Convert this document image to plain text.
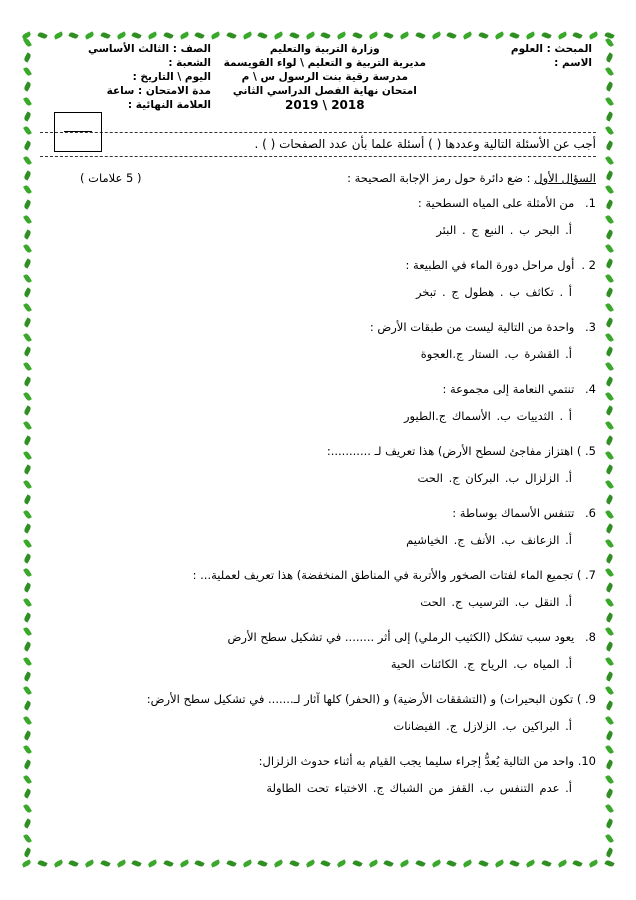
المبحث : العلوم
الاسم :
وزارة التربية والتعليم
مديرية التربية و التعليم \ لواء القويسمة
مدرسة رقية بنت الرسول س \ م
امتحان نهاية الفصل الدراسي الثاني
2018 \ 2019
الصف : الثالث الأساسي
الشعبة :
اليوم \ التاريخ :
مدة الامتحان : ساعة
العلامة النهائية :
أجب عن الأسئلة التالية وعددها ( ) أسئلة علما بأن عدد الصفحات ( ) .
السؤال الأول : ضع دائرة حول رمز الإجابة الصحيحة :
( 5 علامات )
1. من الأمثلة على المياه السطحية :
أ. البحر ب . النبع ج . البئر
2 . أول مراحل دورة الماء في الطبيعة :
أ . تكاثف ب . هطول ج . تبخر
3. واحدة من التالية ليست من طبقات الأرض :
أ. القشرة ب. الستار ج.العجوة
4. تنتمي النعامة إلى مجموعة :
أ . الثدييات ب. الأسماك ج.الطيور
5. ) اهتزاز مفاجئ لسطح الأرض) هذا تعريف لـ ...........:
أ. الزلزال ب. البركان ج. الحت
6. تتنفس الأسماك بوساطة :
أ. الزعانف ب. الأنف ج. الخياشيم
7. ) تجميع الماء لفتات الصخور والأتربة في المناطق المنخفضة) هذا تعريف لعملية... :
أ. النقل ب. الترسيب ج. الحت
8. يعود سبب تشكل (الكثيب الرملي) إلى أثر ........ في تشكيل سطح الأرض
أ. المياه ب. الرياح ج. الكائنات الحية
9. ) تكون البحيرات) و (التشققات الأرضية) و (الحفر) كلها آثار لـ....... في تشكيل سطح الأرض:
أ. البراكين ب. الزلازل ج. الفيضانات
10. واحد من التالية يُعدُّ إجراء سليما يجب القيام به أثناء حدوث الزلزال:
أ. عدم التنفس ب. القفز من الشباك ج. الاختباء تحت الطاولة
